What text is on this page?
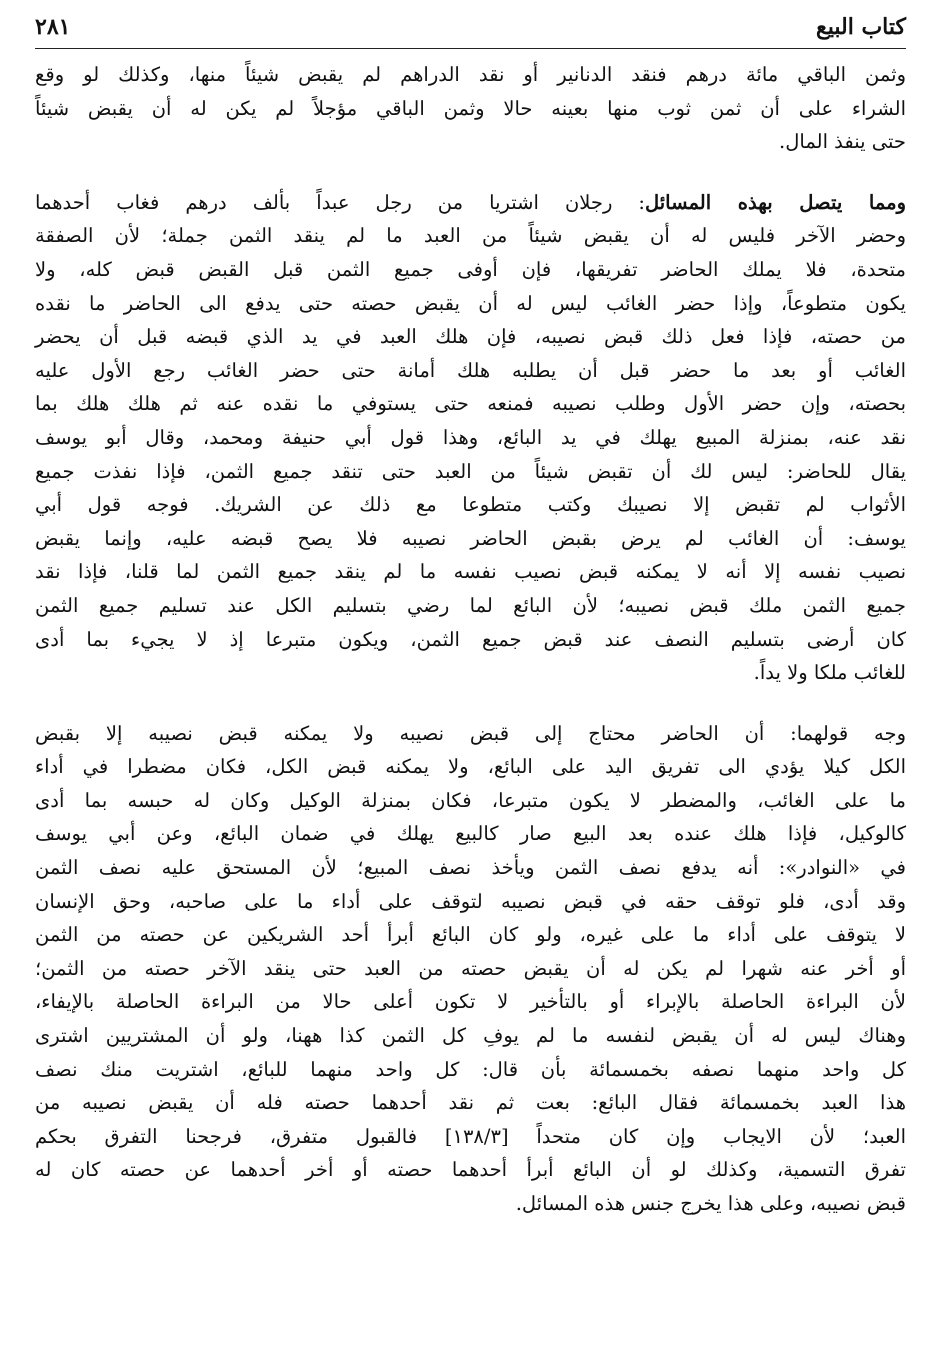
كتاب البيع
٢٨١
وثمن الباقي مائة درهم فنقد الدنانير أو نقد الدراهم لم يقبض شيئاً منها، وكذلك لو وقع
الشراء على أن ثمن ثوب منها بعينه حالا وثمن الباقي مؤجلاً لم يكن له أن يقبض شيئاً
حتى ينفذ المال.
ومما يتصل بهذه المسائل: رجلان اشتريا من رجل عبداً بألف درهم فغاب أحدهما
وحضر الآخر فليس له أن يقبض شيئاً من العبد ما لم ينقد الثمن جملة؛ لأن الصفقة
متحدة، فلا يملك الحاضر تفريقها، فإن أوفى جميع الثمن قبل القبض قبض كله، ولا
يكون متطوعاً، وإذا حضر الغائب ليس له أن يقبض حصته حتى يدفع الى الحاضر ما نقده
من حصته، فإذا فعل ذلك قبض نصيبه، فإن هلك العبد في يد الذي قبضه قبل أن يحضر
الغائب أو بعد ما حضر قبل أن يطلبه هلك أمانة حتى حضر الغائب رجع الأول عليه
بحصته، وإن حضر الأول وطلب نصيبه فمنعه حتى يستوفي ما نقده عنه ثم هلك هلك بما
نقد عنه، بمنزلة المبيع يهلك في يد البائع، وهذا قول أبي حنيفة ومحمد، وقال أبو يوسف
يقال للحاضر: ليس لك أن تقبض شيئاً من العبد حتى تنقد جميع الثمن، فإذا نفذت جميع
الأثواب لم تقبض إلا نصيبك وكتب متطوعا مع ذلك عن الشريك. فوجه قول أبي
يوسف: أن الغائب لم يرض بقبض الحاضر نصيبه فلا يصح قبضه عليه، وإنما يقبض
نصيب نفسه إلا أنه لا يمكنه قبض نصيب نفسه ما لم ينقد جميع الثمن لما قلنا، فإذا نقد
جميع الثمن ملك قبض نصيبه؛ لأن البائع لما رضي بتسليم الكل عند تسليم جميع الثمن
كان أرضى بتسليم النصف عند قبض جميع الثمن، ويكون متبرعا إذ لا يجيء بما أدى
للغائب ملكا ولا يداً.
وجه قولهما: أن الحاضر محتاج إلى قبض نصيبه ولا يمكنه قبض نصيبه إلا بقبض
الكل كيلا يؤدي الى تفريق اليد على البائع، ولا يمكنه قبض الكل، فكان مضطرا في أداء
ما على الغائب، والمضطر لا يكون متبرعا، فكان بمنزلة الوكيل وكان له حبسه بما أدى
كالوكيل، فإذا هلك عنده بعد البيع صار كالبيع يهلك في ضمان البائع، وعن أبي يوسف
في «النوادر»: أنه يدفع نصف الثمن ويأخذ نصف المبيع؛ لأن المستحق عليه نصف الثمن
وقد أدى، فلو توقف حقه في قبض نصيبه لتوقف على أداء ما على صاحبه، وحق الإنسان
لا يتوقف على أداء ما على غيره، ولو كان البائع أبرأ أحد الشريكين عن حصته من الثمن
أو أخر عنه شهرا لم يكن له أن يقبض حصته من العبد حتى ينقد الآخر حصته من الثمن؛
لأن البراءة الحاصلة بالإبراء أو بالتأخير لا تكون أعلى حالا من البراءة الحاصلة بالإيفاء،
وهناك ليس له أن يقبض لنفسه ما لم يوفِ كل الثمن كذا ههنا، ولو أن المشتريين اشترى
كل واحد منهما نصفه بخمسمائة بأن قال: كل واحد منهما للبائع، اشتريت منك نصف
هذا العبد بخمسمائة فقال البائع: بعت ثم نقد أحدهما حصته فله أن يقبض نصيبه من
العبد؛ لأن الايجاب وإن كان متحداً [١٣٨/٣] فالقبول متفرق، فرجحنا التفرق بحكم
تفرق التسمية، وكذلك لو أن البائع أبرأ أحدهما حصته أو أخر أحدهما عن حصته كان له
قبض نصيبه، وعلى هذا يخرج جنس هذه المسائل.
